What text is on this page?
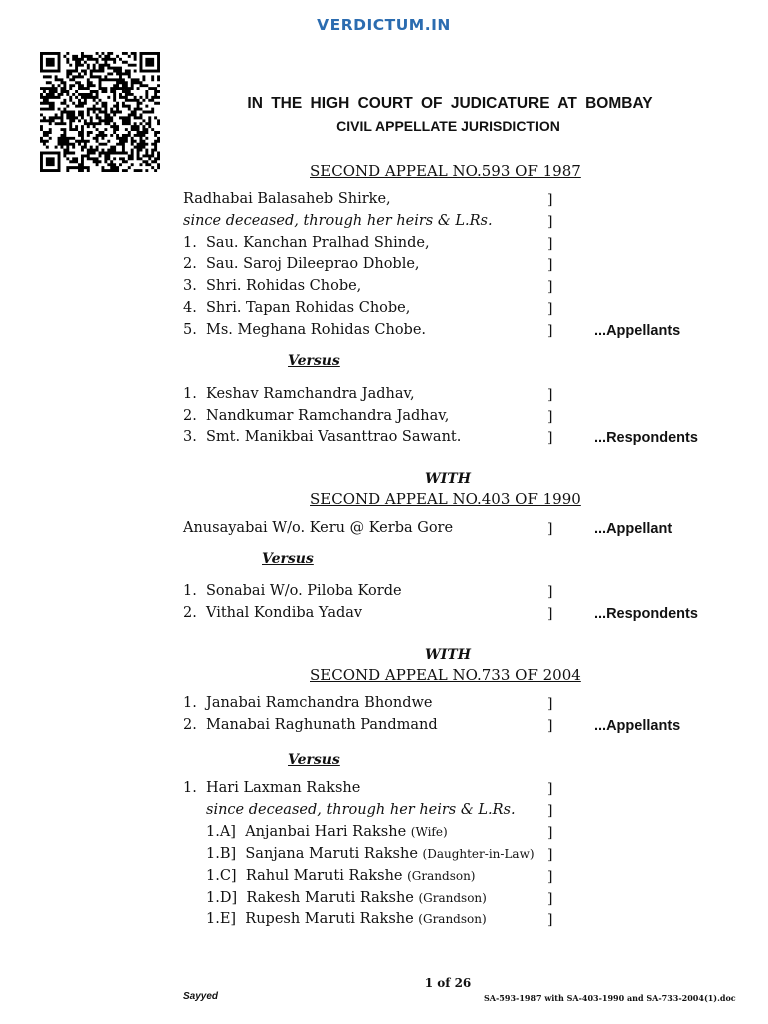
VERDICTUM.IN
IN THE HIGH COURT OF JUDICATURE AT BOMBAY
CIVIL APPELLATE JURISDICTION
SECOND APPEAL NO.593 OF 1987
Radhabai Balasaheb Shirke,
since deceased, through her heirs & L.Rs.
1. Sau. Kanchan Pralhad Shinde,
2. Sau. Saroj Dileeprao Dhoble,
3. Shri. Rohidas Chobe,
4. Shri. Tapan Rohidas Chobe,
5. Ms. Meghana Rohidas Chobe.
]
]
]
]
]
]
]	...Appellants
Versus
1. Keshav Ramchandra Jadhav,
2. Nandkumar Ramchandra Jadhav,
3. Smt. Manikbai Vasanttrao Sawant.
]
]
]	...Respondents
WITH
SECOND APPEAL NO.403 OF 1990
Anusayabai W/o. Keru @ Kerba Gore	]	...Appellant
Versus
1. Sonabai W/o. Piloba Korde
2. Vithal Kondiba Yadav
]
]	...Respondents
WITH
SECOND APPEAL NO.733 OF 2004
1. Janabai Ramchandra Bhondwe
2. Manabai Raghunath Pandmand
]
]	...Appellants
Versus
1. Hari Laxman Rakshe
since deceased, through her heirs & L.Rs.
1.A] Anjanbai Hari Rakshe (Wife)
1.B] Sanjana Maruti Rakshe (Daughter-in-Law)
1.C] Rahul Maruti Rakshe (Grandson)
1.D] Rakesh Maruti Rakshe (Grandson)
1.E] Rupesh Maruti Rakshe (Grandson)
]
]
]
]
]
]
]
1 of 26
Sayyed	SA-593-1987 with SA-403-1990 and SA-733-2004(1).doc
